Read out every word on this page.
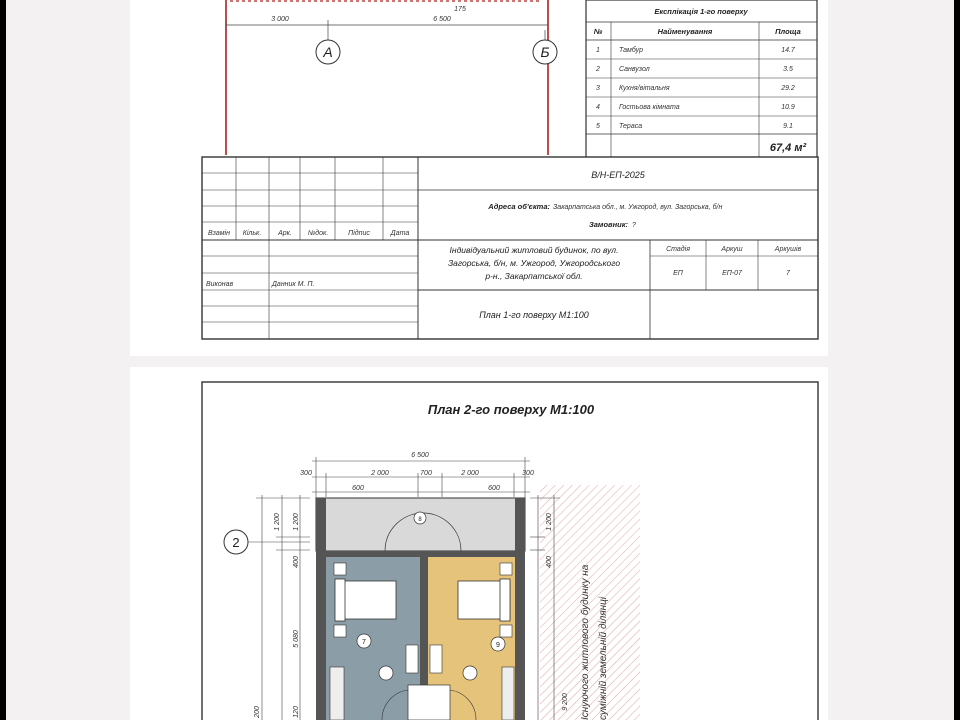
3 000	6 500
175
А	Б
Експлікація 1-го поверху
№	Найменування	Площа
1	Тамбур	14.7
2	Санвузол	3.5
3	Кухня/вітальня	29.2
4	Гостьова кімната	10.9
5	Тераса	9.1
67,4 м²
Взамін Кільк. Арк. №док.	Підпис	Дата
Виконав	Данник М. П.
В/Н-ЕП-2025
Адреса об'єкта: Закарпатська обл., м. Ужгород, вул. Загорська, б/н
Замовник: ?
Індивідуальний житловий будинок, по вул.
Загорська, б/н, м. Ужгород, Ужгородського
р-н., Закарпатської обл.
План 1-го поверху М1:100
Стадія	Аркуш	Аркушів
ЕП	ЕП-07	7
План 2-го поверху М1:100
6 500
300	2 000	700	2 000	300
600	600
2
1 200 1 200
400
5 080
120
200
1 200
400
9 200 Існуючого житлового будинку на суміжній земельній ділянці
8
7	9
